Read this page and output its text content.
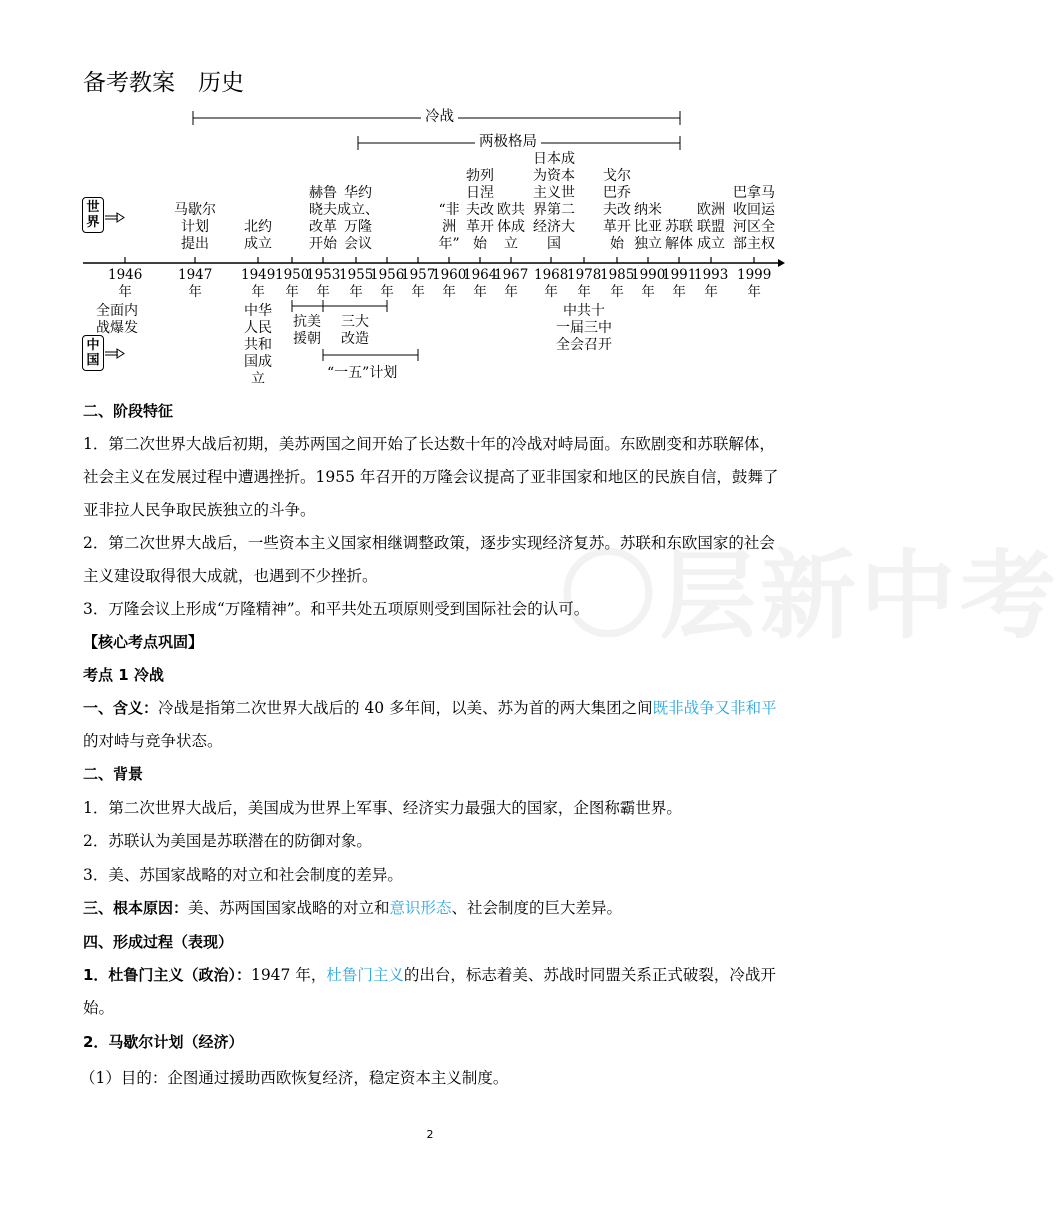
〇层新中考
备考教案　历史
冷战
两极格局
世
界
中
国
马歇尔
计划
提出
北约
成立
赫鲁
晓夫
改革
开始
华约
成立、
万隆
会议
“非
洲
年”
勃列
日涅
夫改
革开
始
欧共
体成
立
日本成
为资本
主义世
界第二
经济大
国
戈尔
巴乔
夫改
革开
始
纳米
比亚
独立
苏联
解体
欧洲
联盟
成立
巴拿马
收回运
河区全
部主权
1946
年
1947
年
1949
年
1950
年
1953
年
1955
年
1956
年
1957
年
1960
年
1964
年
1967
年
1968
年
1978
年
1985
年
1990
年
1991
年
1993
年
1999
年
全面内
战爆发
中华
人民
共和
国成
立
抗美
援朝
三大
改造
“一五”计划
中共十
一届三中
全会召开
二、阶段特征
1．第二次世界大战后初期，美苏两国之间开始了长达数十年的冷战对峙局面。东欧剧变和苏联解体，社会主义在发展过程中遭遇挫折。1955 年召开的万隆会议提高了亚非国家和地区的民族自信，鼓舞了亚非拉人民争取民族独立的斗争。
2．第二次世界大战后，一些资本主义国家相继调整政策，逐步实现经济复苏。苏联和东欧国家的社会主义建设取得很大成就，也遇到不少挫折。
3．万隆会议上形成“万隆精神”。和平共处五项原则受到国际社会的认可。
【核心考点巩固】
考点 1 冷战
一、含义：冷战是指第二次世界大战后的 40 多年间，以美、苏为首的两大集团之间既非战争又非和平的对峙与竞争状态。
二、背景
1．第二次世界大战后，美国成为世界上军事、经济实力最强大的国家，企图称霸世界。
2．苏联认为美国是苏联潜在的防御对象。
3．美、苏国家战略的对立和社会制度的差异。
三、根本原因：美、苏两国国家战略的对立和意识形态、社会制度的巨大差异。
四、形成过程（表现）
1．杜鲁门主义（政治）：1947 年，杜鲁门主义的出台，标志着美、苏战时同盟关系正式破裂，冷战开始。
2．马歇尔计划（经济）
（1）目的：企图通过援助西欧恢复经济，稳定资本主义制度。
2
